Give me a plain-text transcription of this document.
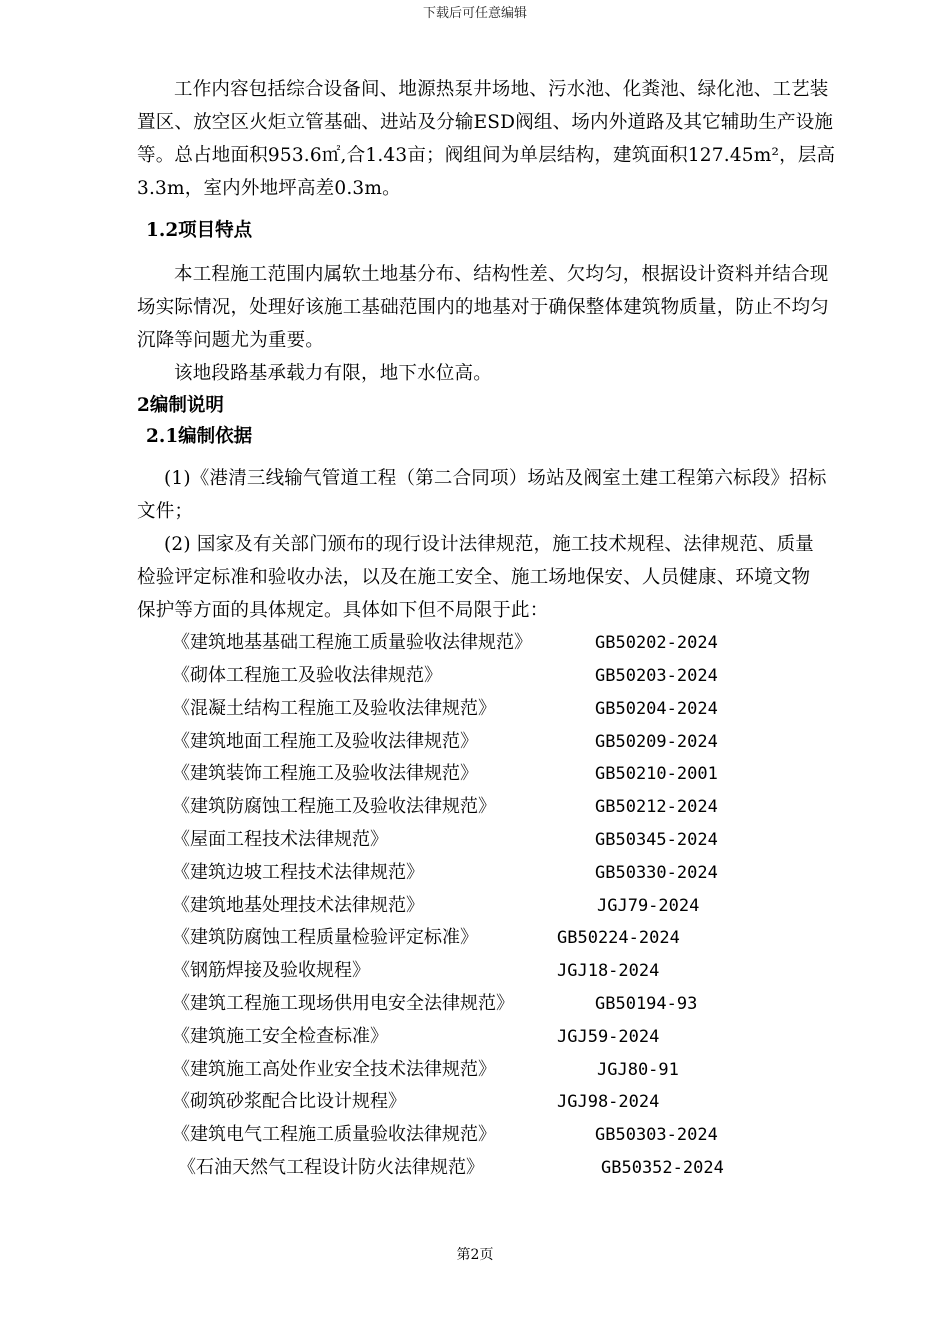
下载后可任意编辑
工作内容包括综合设备间、地源热泵井场地、污水池、化粪池、绿化池、工艺装
置区、放空区火炬立管基础、进站及分输ESD阀组、场内外道路及其它辅助生产设施
等。总占地面积953.6㎡,合1.43亩；阀组间为单层结构，建筑面积127.45m²，层高
3.3m，室内外地坪高差0.3m。
1.2项目特点
本工程施工范围内属软土地基分布、结构性差、欠均匀，根据设计资料并结合现
场实际情况，处理好该施工基础范围内的地基对于确保整体建筑物质量，防止不均匀
沉降等问题尤为重要。
该地段路基承载力有限，地下水位高。
2编制说明
2.1编制依据
(1)《港清三线输气管道工程（第二合同项）场站及阀室土建工程第六标段》招标
文件；
(2) 国家及有关部门颁布的现行设计法律规范，施工技术规程、法律规范、质量
检验评定标准和验收办法，以及在施工安全、施工场地保安、人员健康、环境文物
保护等方面的具体规定。具体如下但不局限于此：
《建筑地基基础工程施工质量验收法律规范》	GB50202-2024
《砌体工程施工及验收法律规范》	GB50203-2024
《混凝土结构工程施工及验收法律规范》	GB50204-2024
《建筑地面工程施工及验收法律规范》	GB50209-2024
《建筑装饰工程施工及验收法律规范》	GB50210-2001
《建筑防腐蚀工程施工及验收法律规范》	GB50212-2024
《屋面工程技术法律规范》	GB50345-2024
《建筑边坡工程技术法律规范》	GB50330-2024
《建筑地基处理技术法律规范》	JGJ79-2024
《建筑防腐蚀工程质量检验评定标准》	GB50224-2024
《钢筋焊接及验收规程》	JGJ18-2024
《建筑工程施工现场供用电安全法律规范》	GB50194-93
《建筑施工安全检查标准》	JGJ59-2024
《建筑施工高处作业安全技术法律规范》	JGJ80-91
《砌筑砂浆配合比设计规程》	JGJ98-2024
《建筑电气工程施工质量验收法律规范》	GB50303-2024
《石油天然气工程设计防火法律规范》	GB50352-2024
第2页
